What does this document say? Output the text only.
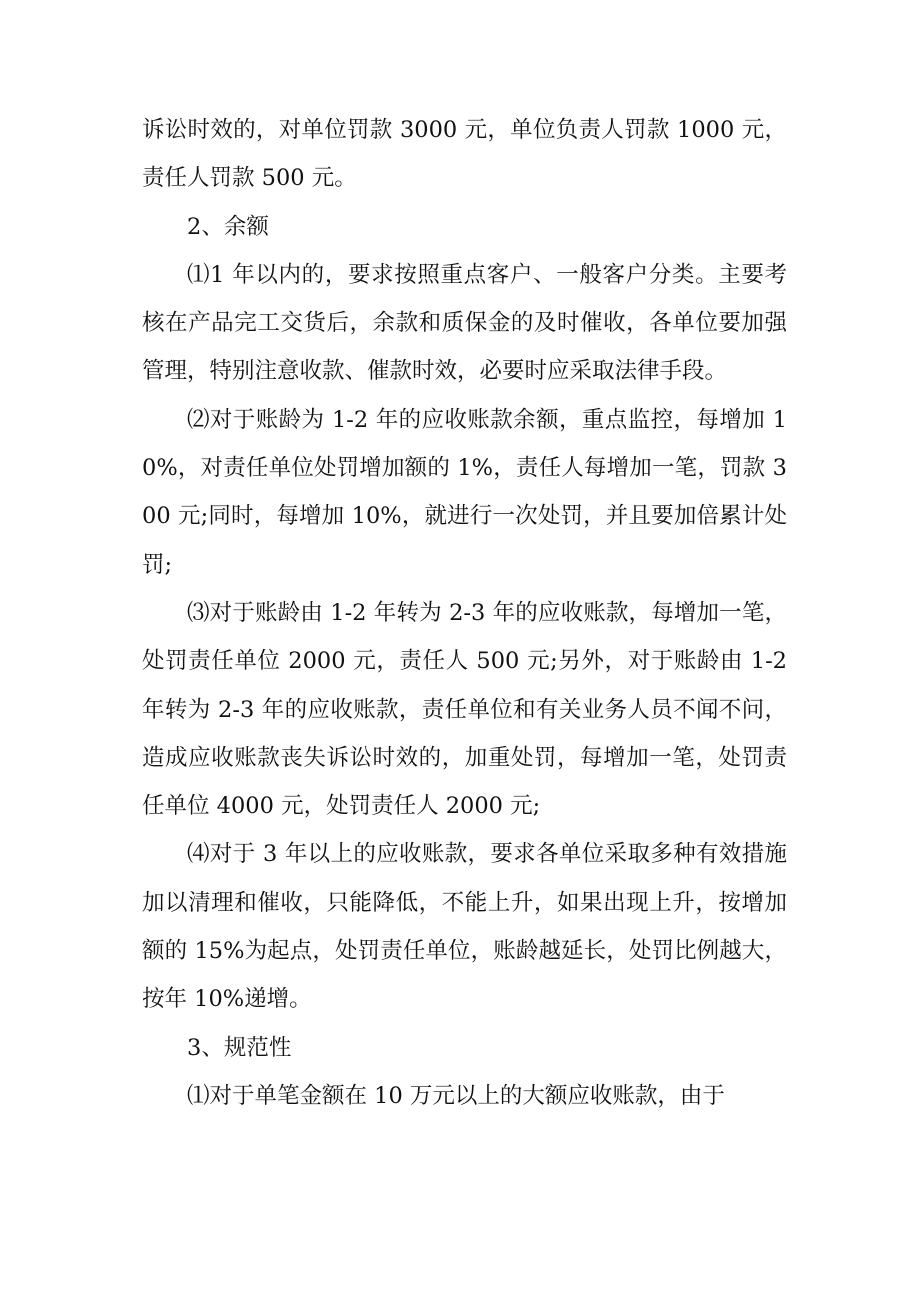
诉讼时效的，对单位罚款 3000 元，单位负责人罚款 1000 元，责任人罚款 500 元。

2、余额

⑴1 年以内的，要求按照重点客户、一般客户分类。主要考核在产品完工交货后，余款和质保金的及时催收，各单位要加强管理，特别注意收款、催款时效，必要时应采取法律手段。

⑵对于账龄为 1-2 年的应收账款余额，重点监控，每增加 10%，对责任单位处罚增加额的 1%，责任人每增加一笔，罚款 300 元;同时，每增加 10%，就进行一次处罚，并且要加倍累计处罚;

⑶对于账龄由 1-2 年转为 2-3 年的应收账款，每增加一笔，处罚责任单位 2000 元，责任人 500 元;另外，对于账龄由 1-2 年转为 2-3 年的应收账款，责任单位和有关业务人员不闻不问，造成应收账款丧失诉讼时效的，加重处罚，每增加一笔，处罚责任单位 4000 元，处罚责任人 2000 元;

⑷对于 3 年以上的应收账款，要求各单位采取多种有效措施加以清理和催收，只能降低，不能上升，如果出现上升，按增加额的 15%为起点，处罚责任单位，账龄越延长，处罚比例越大，按年 10%递增。

3、规范性

⑴对于单笔金额在 10 万元以上的大额应收账款，由于
